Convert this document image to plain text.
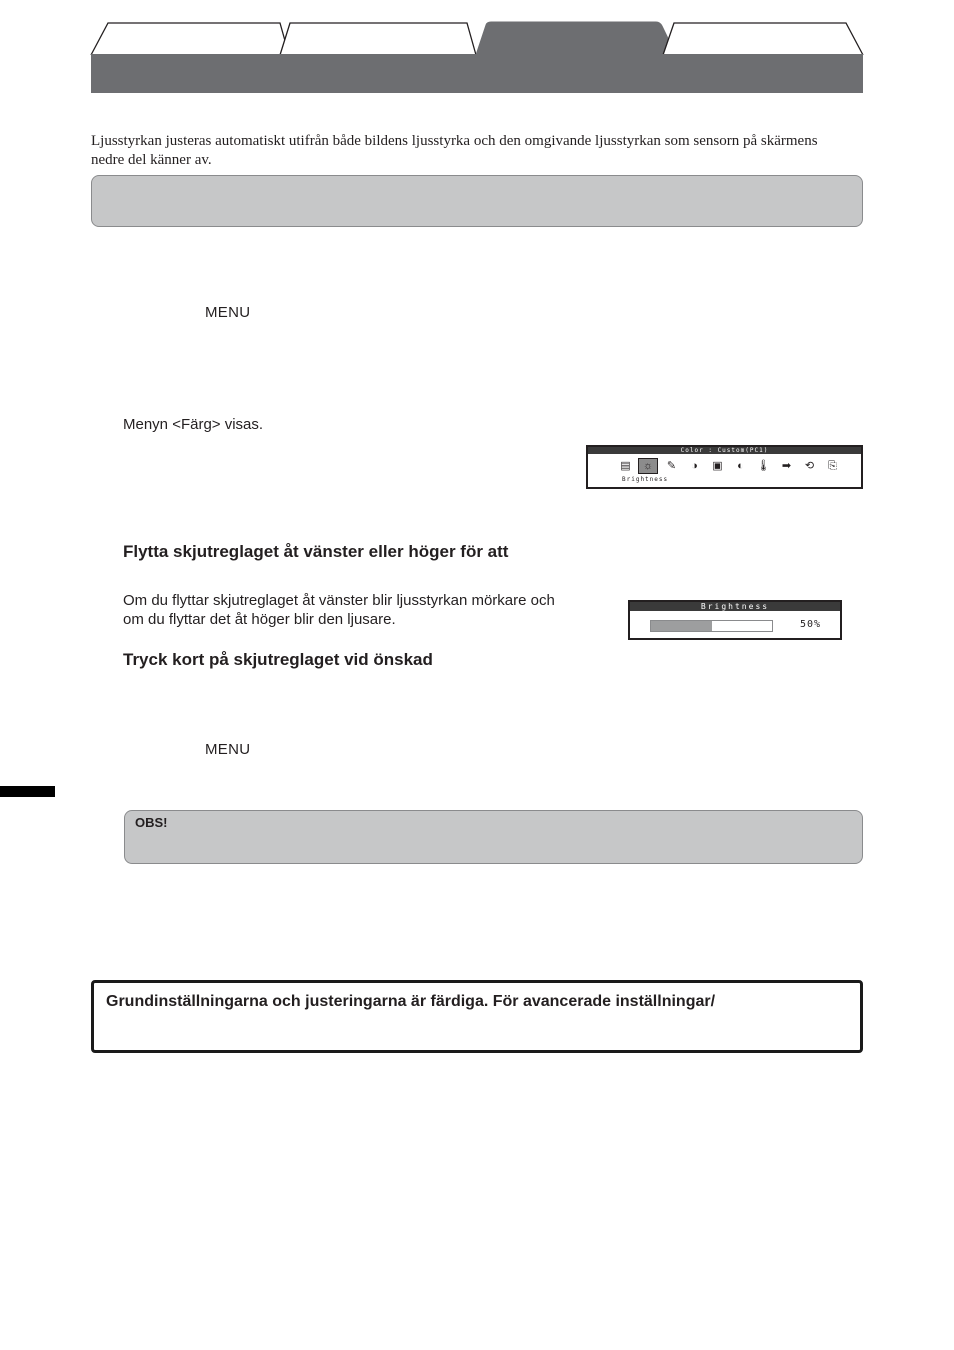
Ljusstyrkan justeras automatiskt utifrån både bildens ljusstyrka och den omgivande ljusstyrkan som sensorn på skärmens nedre del känner av.
MENU
Menyn <Färg> visas.
Color : Custom(PC1)
▤	☼	✎	◑	▣	◐	🌡	➡	⟲	⎘
Brightness
Flytta skjutreglaget åt vänster eller höger för att
Om du flyttar skjutreglaget åt vänster blir ljusstyrkan mörkare och om du flyttar det åt höger blir den ljusare.
Brightness
50%
Tryck kort på skjutreglaget vid önskad
MENU
OBS!
Grundinställningarna och justeringarna är färdiga. För avancerade inställningar/
